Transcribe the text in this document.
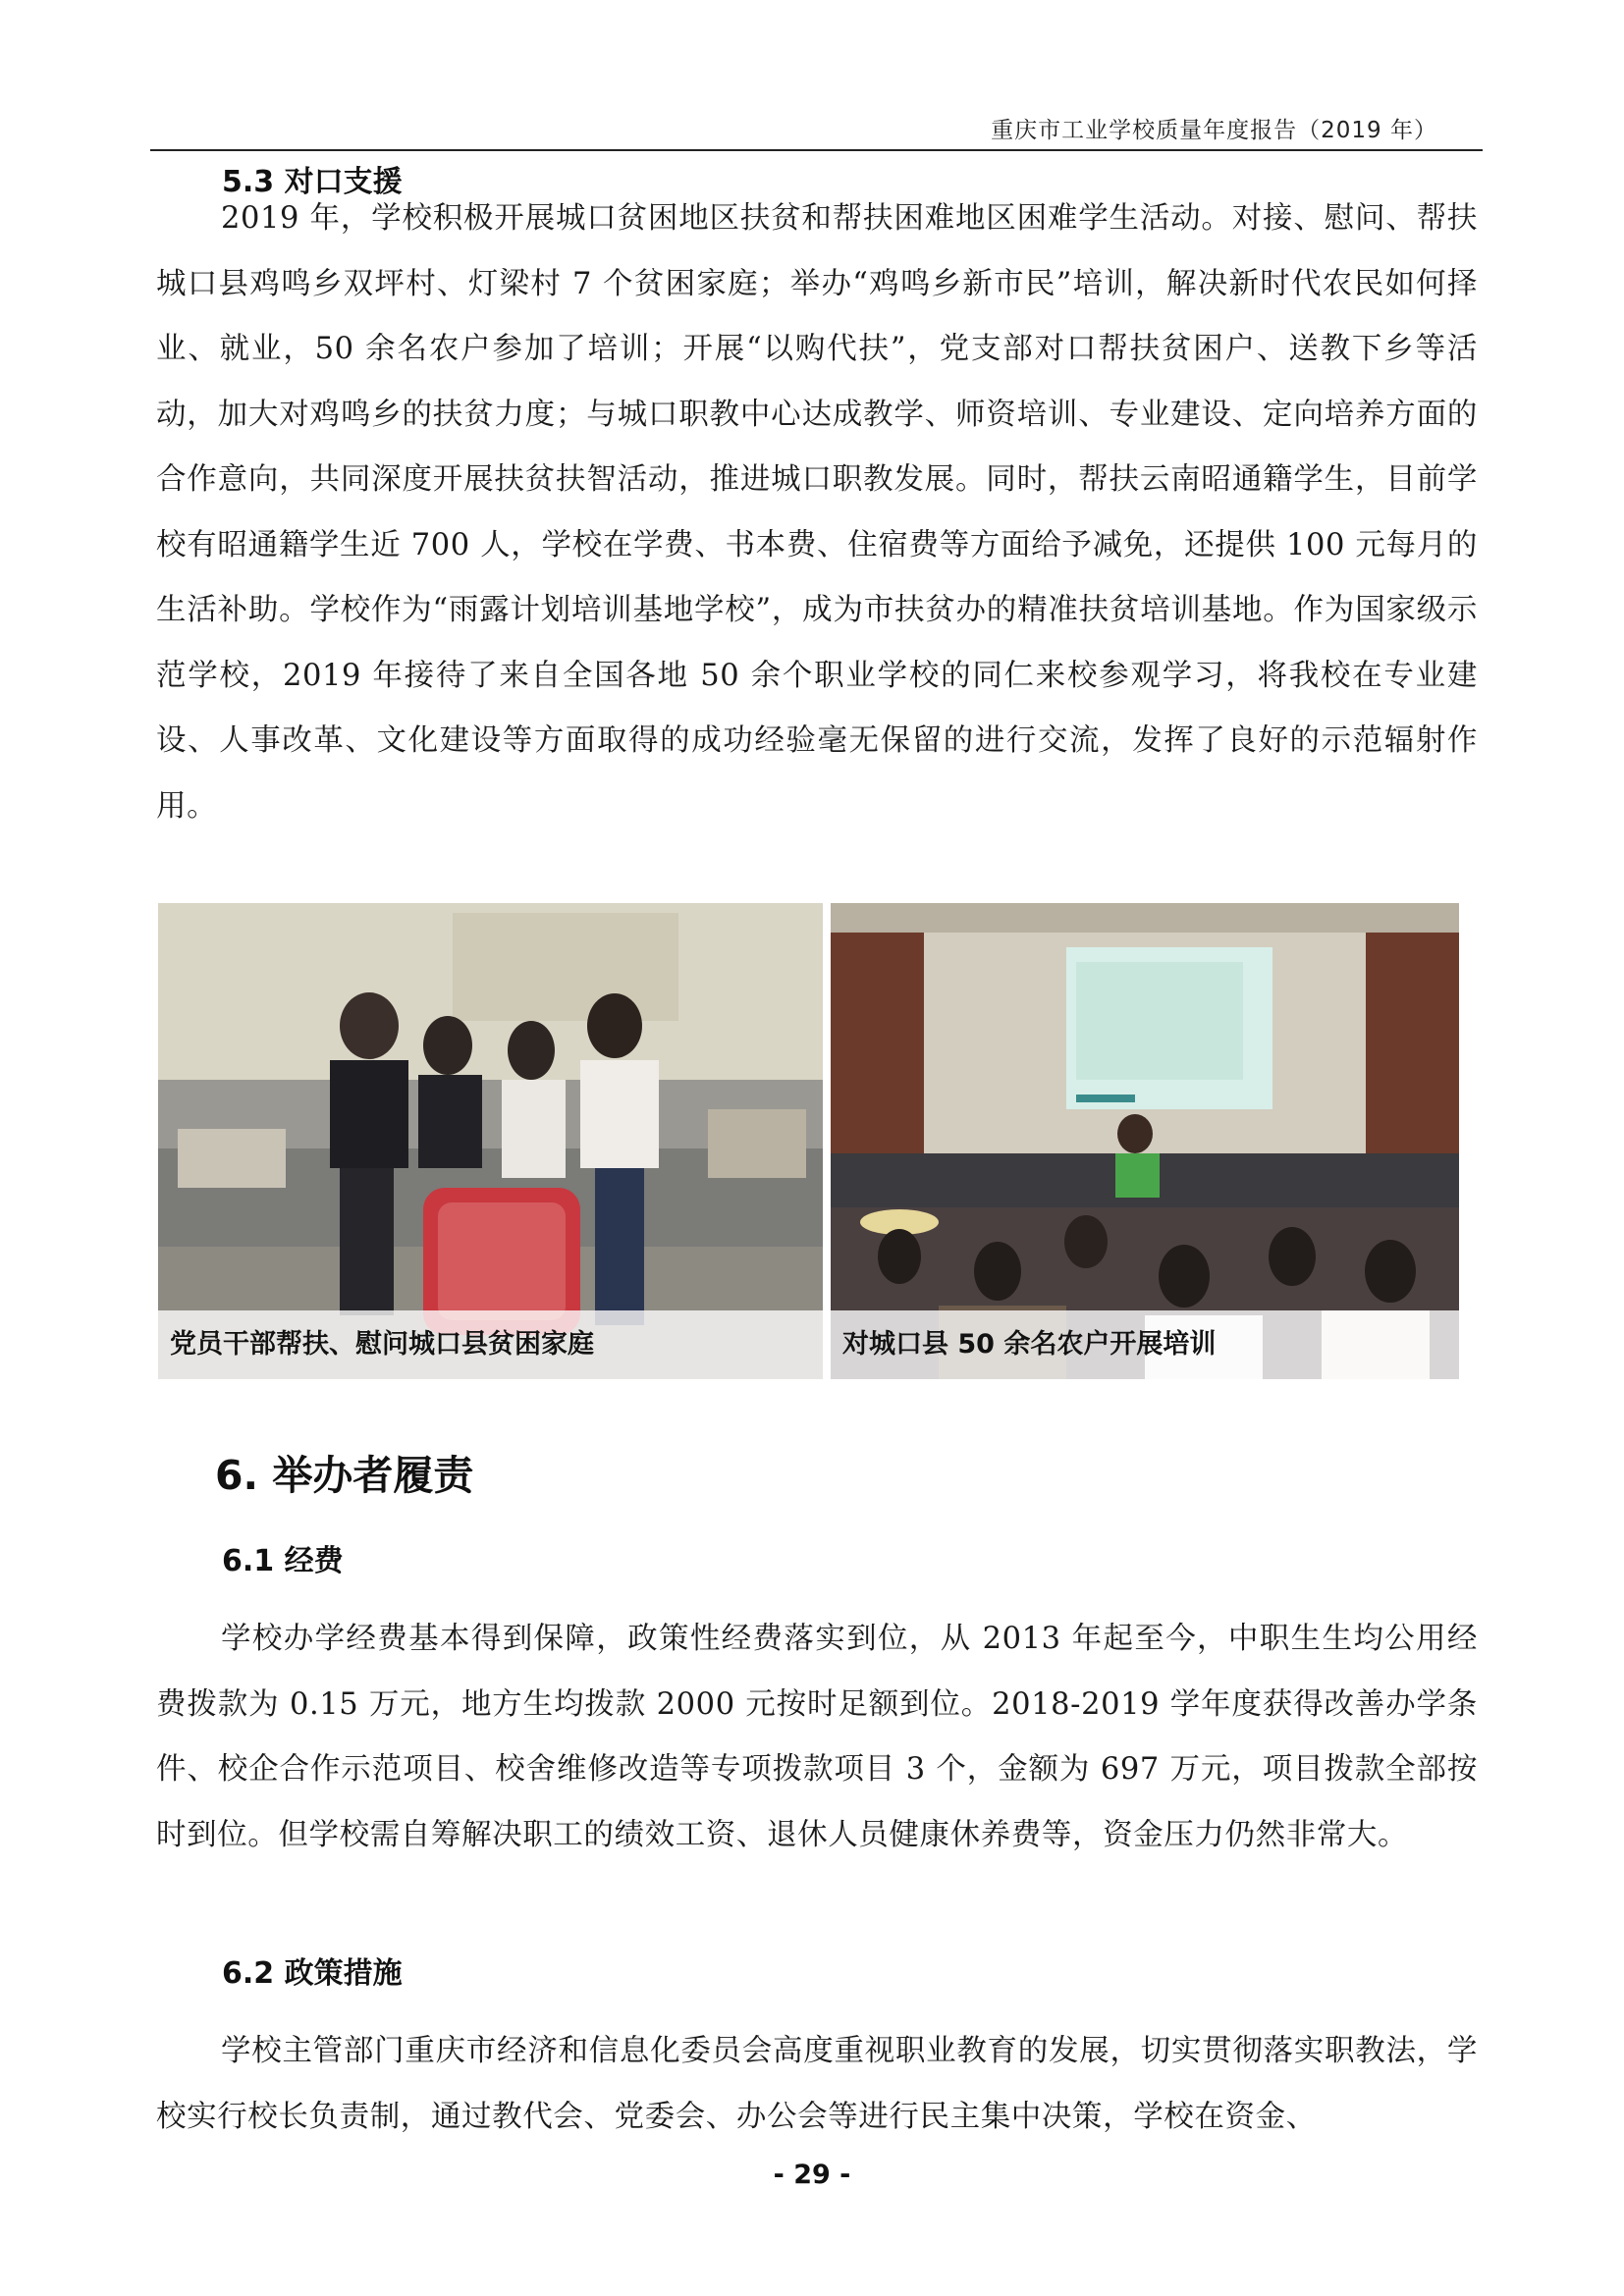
重庆市工业学校质量年度报告（2019 年）
5.3 对口支援

2019 年，学校积极开展城口贫困地区扶贫和帮扶困难地区困难学生活动。对接、慰问、帮扶城口县鸡鸣乡双坪村、灯梁村 7 个贫困家庭；举办“鸡鸣乡新市民”培训，解决新时代农民如何择业、就业，50 余名农户参加了培训；开展“以购代扶”，党支部对口帮扶贫困户、送教下乡等活动，加大对鸡鸣乡的扶贫力度；与城口职教中心达成教学、师资培训、专业建设、定向培养方面的合作意向，共同深度开展扶贫扶智活动，推进城口职教发展。同时，帮扶云南昭通籍学生，目前学校有昭通籍学生近 700 人，学校在学费、书本费、住宿费等方面给予减免，还提供 100 元每月的生活补助。学校作为“雨露计划培训基地学校”，成为市扶贫办的精准扶贫培训基地。作为国家级示范学校，2019 年接待了来自全国各地 50 余个职业学校的同仁来校参观学习，将我校在专业建设、人事改革、文化建设等方面取得的成功经验毫无保留的进行交流，发挥了良好的示范辐射作用。

党员干部帮扶、慰问城口县贫困家庭	对城口县 50 余名农户开展培训
6. 举办者履责
6.1 经费

学校办学经费基本得到保障，政策性经费落实到位，从 2013 年起至今，中职生生均公用经费拨款为 0.15 万元，地方生均拨款 2000 元按时足额到位。2018-2019 学年度获得改善办学条件、校企合作示范项目、校舍维修改造等专项拨款项目 3 个，金额为 697 万元，项目拨款全部按时到位。但学校需自筹解决职工的绩效工资、退休人员健康休养费等，资金压力仍然非常大。

6.2 政策措施

学校主管部门重庆市经济和信息化委员会高度重视职业教育的发展，切实贯彻落实职教法，学校实行校长负责制，通过教代会、党委会、办公会等进行民主集中决策，学校在资金、

- 29 -
